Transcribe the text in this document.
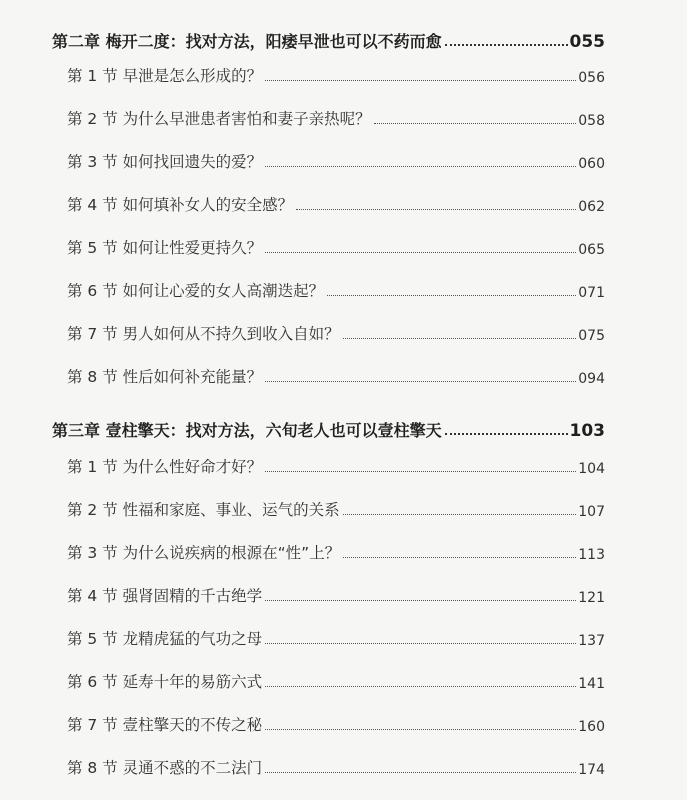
第二章 梅开二度：找对方法，阳痿早泄也可以不药而愈	055
第 1 节 早泄是怎么形成的？	056
第 2 节 为什么早泄患者害怕和妻子亲热呢？	058
第 3 节 如何找回遗失的爱？	060
第 4 节 如何填补女人的安全感？	062
第 5 节 如何让性爱更持久？	065
第 6 节 如何让心爱的女人高潮迭起？	071
第 7 节 男人如何从不持久到收入自如？	075
第 8 节 性后如何补充能量？	094
第三章 壹柱擎天：找对方法，六旬老人也可以壹柱擎天	103
第 1 节 为什么性好命才好？	104
第 2 节 性福和家庭、事业、运气的关系	107
第 3 节 为什么说疾病的根源在“性”上？	113
第 4 节 强肾固精的千古绝学	121
第 5 节 龙精虎猛的气功之母	137
第 6 节 延寿十年的易筋六式	141
第 7 节 壹柱擎天的不传之秘	160
第 8 节 灵通不惑的不二法门	174
